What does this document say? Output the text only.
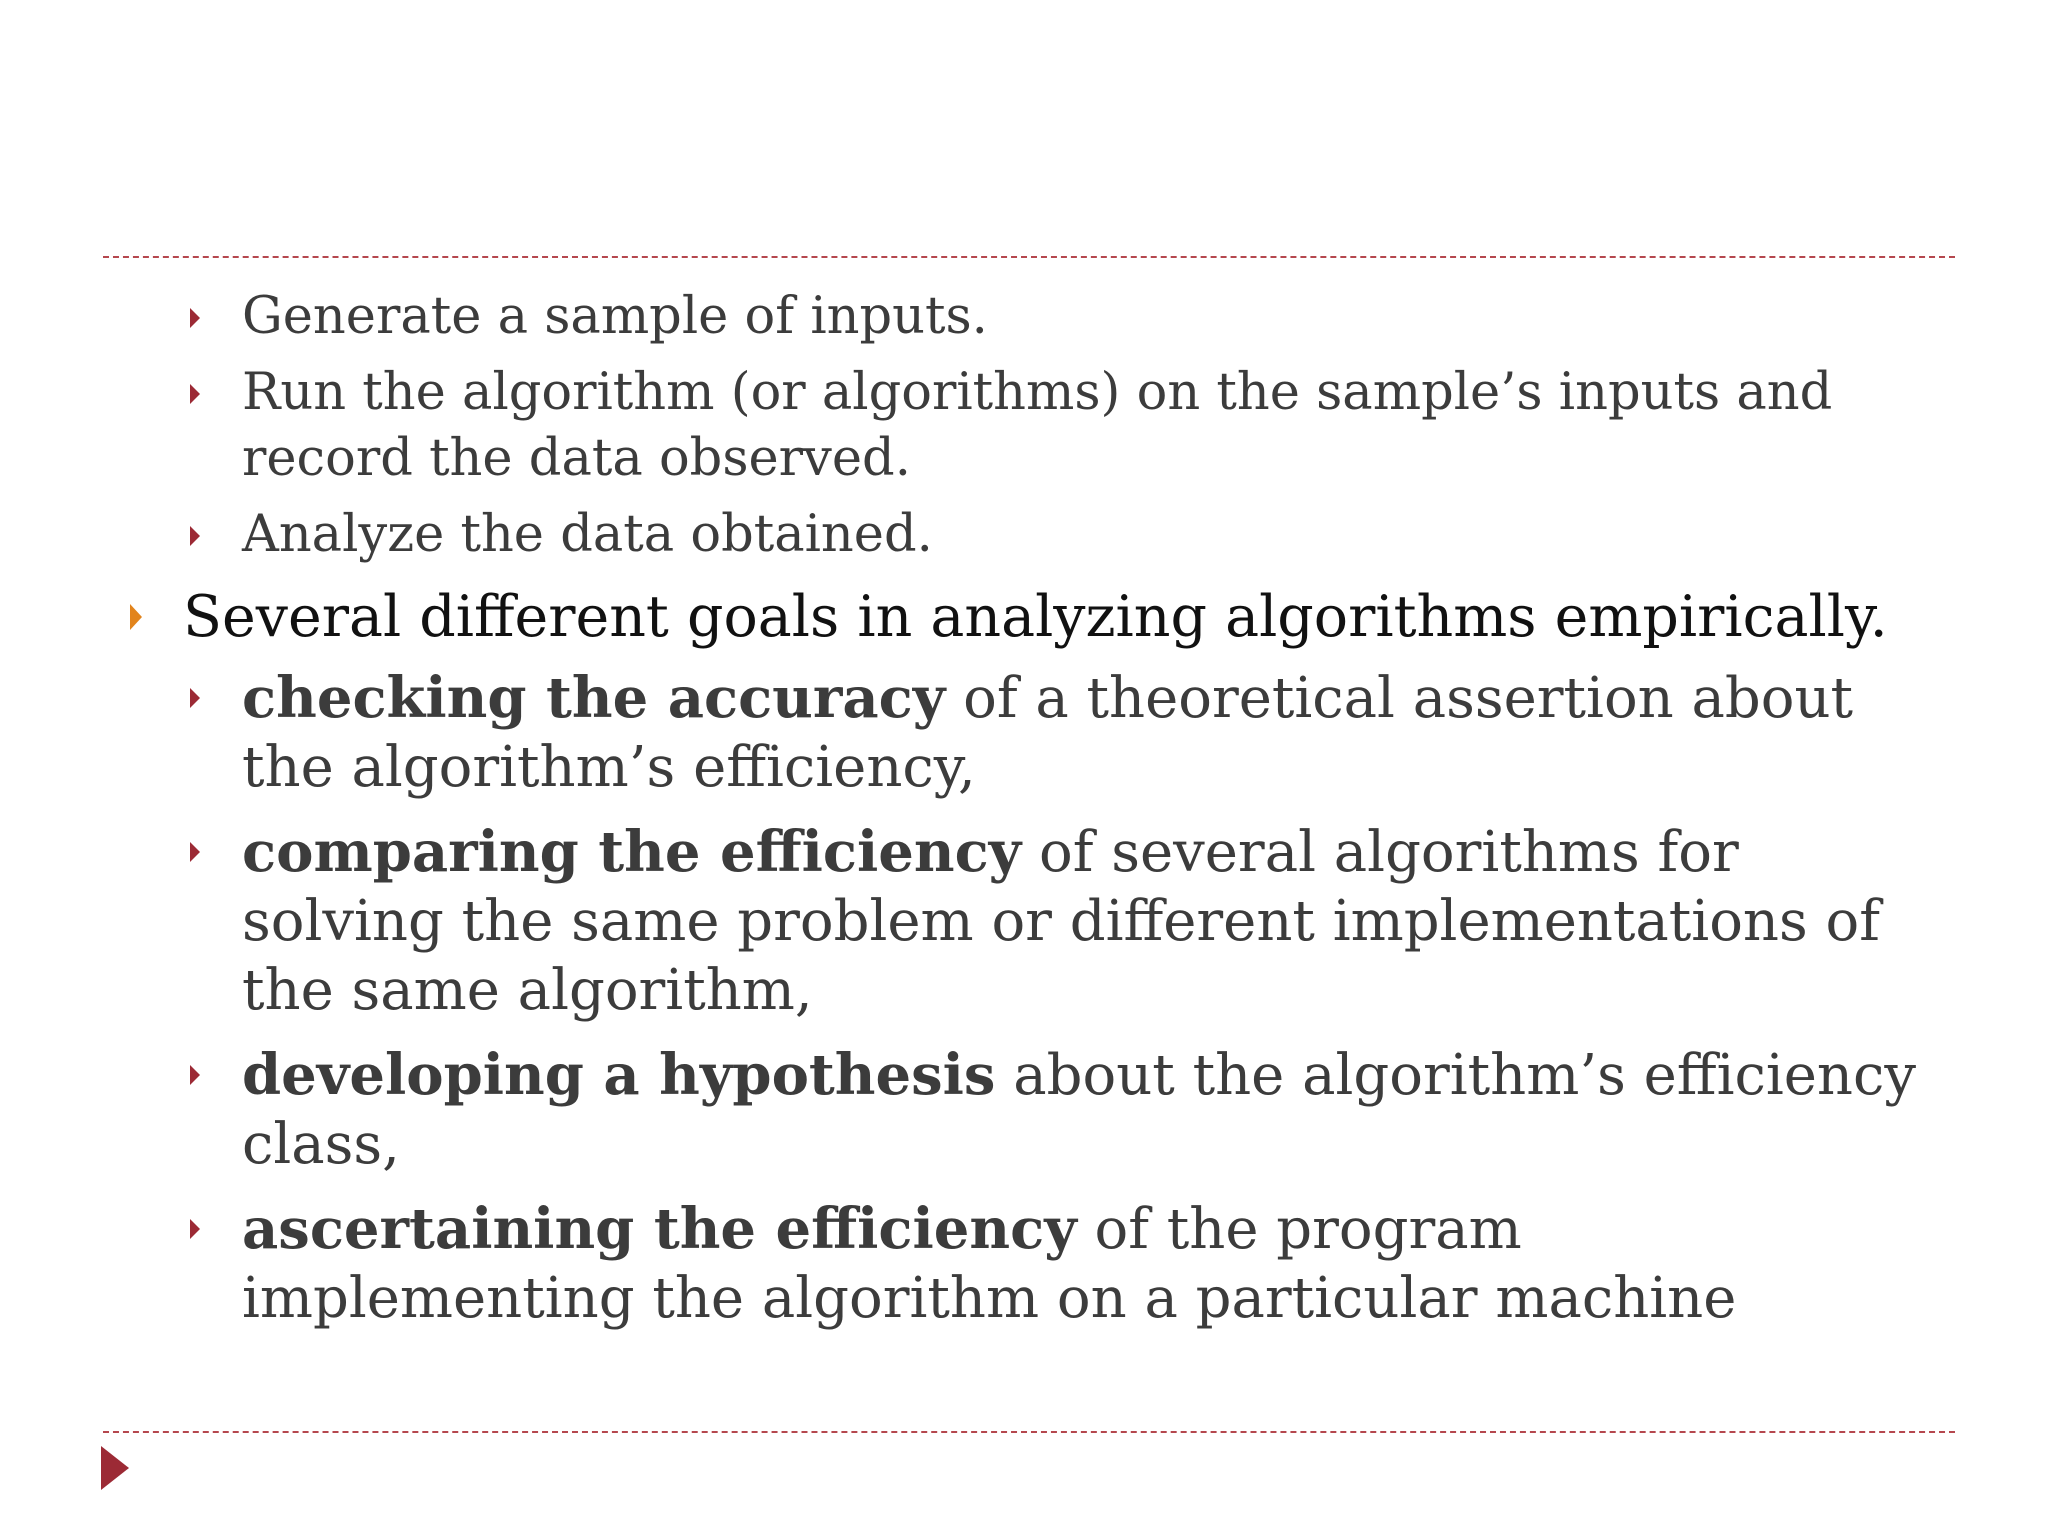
Generate a sample of inputs.
Run the algorithm (or algorithms) on the sample’s inputs and record the data observed.
Analyze the data obtained.
Several different goals in analyzing algorithms empirically.
checking the accuracy of a theoretical assertion about the algorithm’s efficiency,
comparing the efficiency of several algorithms for solving the same problem or different implementations of the same algorithm,
developing a hypothesis about the algorithm’s efficiency class,
ascertaining the efficiency of the program implementing the algorithm on a particular machine
